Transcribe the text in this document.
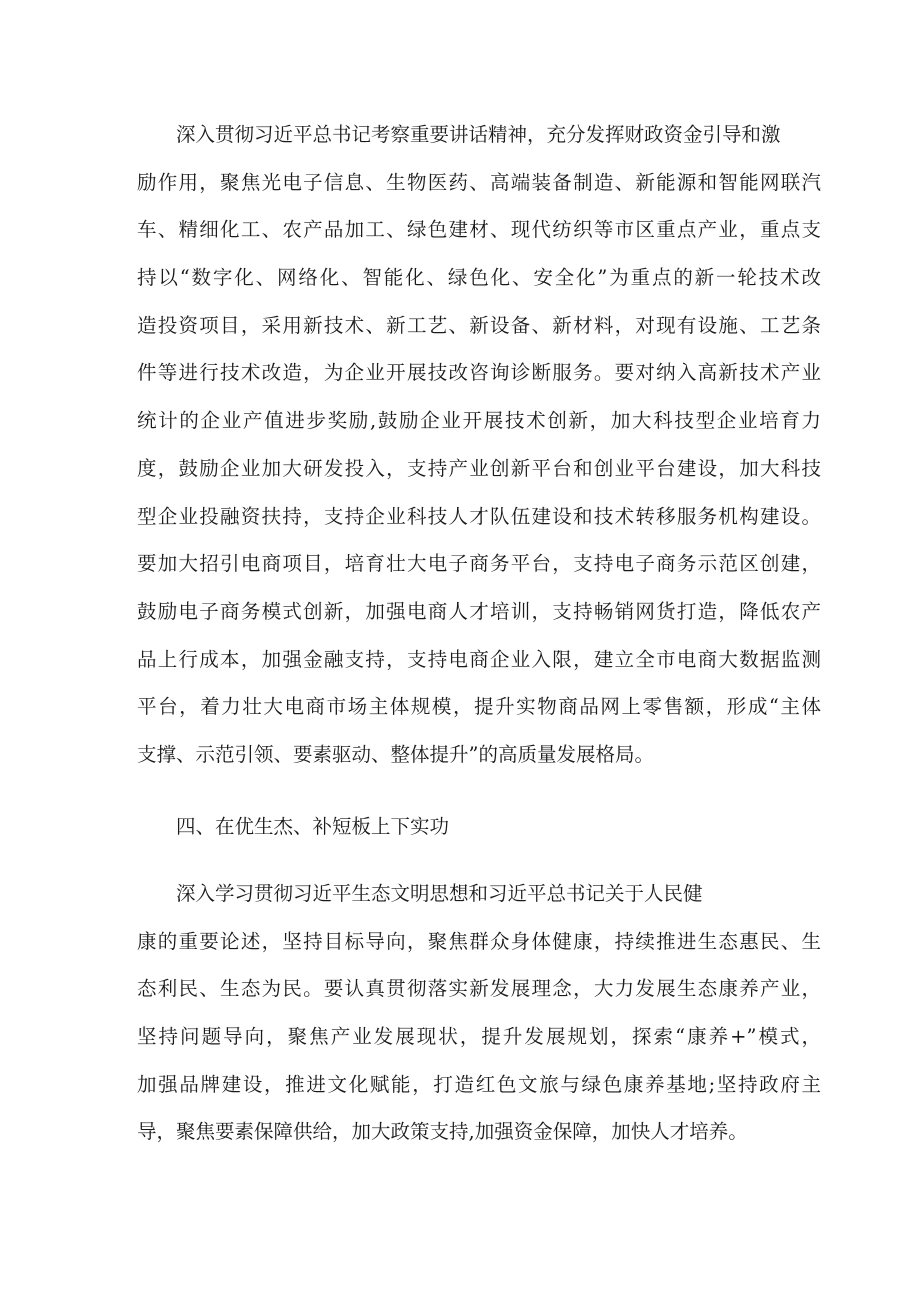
深入贯彻习近平总书记考察重要讲话精神，充分发挥财政资金引导和激
励作用，聚焦光电子信息、生物医药、高端装备制造、新能源和智能网联汽
车、精细化工、农产品加工、绿色建材、现代纺织等市区重点产业，重点支
持以“数字化、网络化、智能化、绿色化、安全化”为重点的新一轮技术改
造投资项目，采用新技术、新工艺、新设备、新材料，对现有设施、工艺条
件等进行技术改造，为企业开展技改咨询诊断服务。要对纳入高新技术产业
统计的企业产值进步奖励,鼓励企业开展技术创新，加大科技型企业培育力
度，鼓励企业加大研发投入，支持产业创新平台和创业平台建设，加大科技
型企业投融资扶持，支持企业科技人才队伍建设和技术转移服务机构建设。
要加大招引电商项目，培育壮大电子商务平台，支持电子商务示范区创建，
鼓励电子商务模式创新，加强电商人才培训，支持畅销网货打造，降低农产
品上行成本，加强金融支持，支持电商企业入限，建立全市电商大数据监测
平台，着力壮大电商市场主体规模，提升实物商品网上零售额，形成“主体
支撑、示范引领、要素驱动、整体提升”的高质量发展格局。
四、在优生杰、补短板上下实功
深入学习贯彻习近平生态文明思想和习近平总书记关于人民健
康的重要论述，坚持目标导向，聚焦群众身体健康，持续推进生态惠民、生
态利民、生态为民。要认真贯彻落实新发展理念，大力发展生态康养产业，
坚持问题导向，聚焦产业发展现状，提升发展规划，探索“康养+”模式，
加强品牌建设，推进文化赋能，打造红色文旅与绿色康养基地;坚持政府主
导，聚焦要素保障供给，加大政策支持,加强资金保障，加快人才培养。
